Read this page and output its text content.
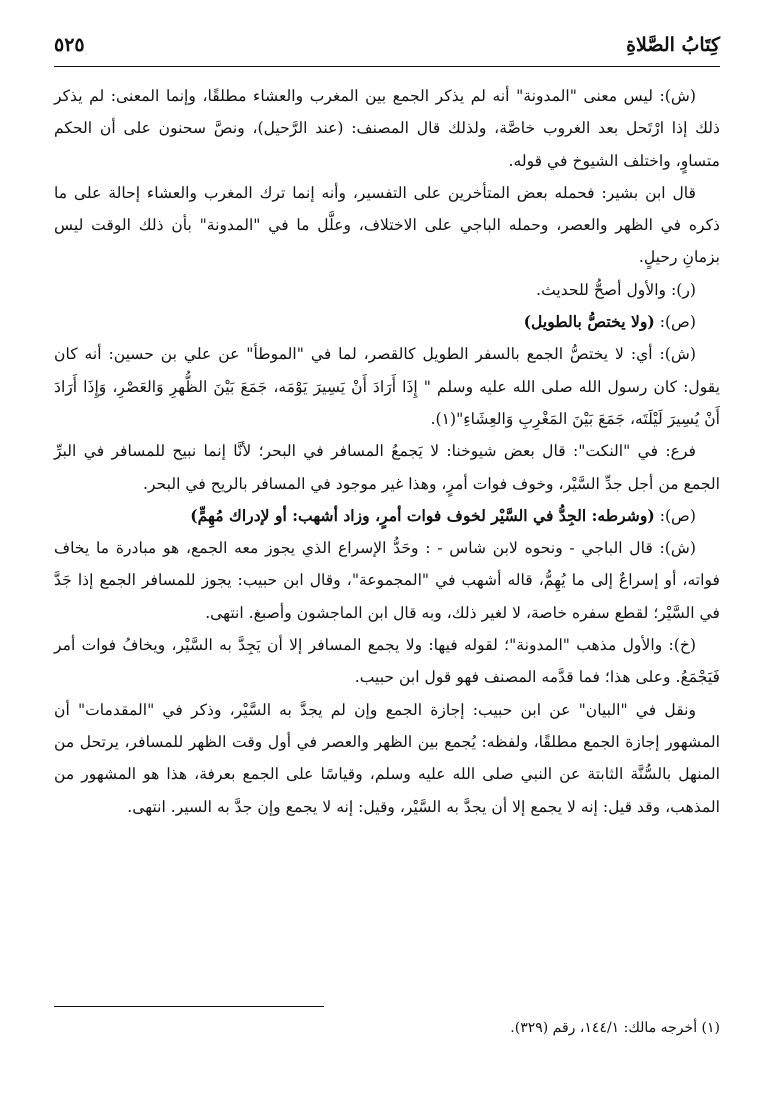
كِتَابُ الصَّلاةِ
٥٢٥

(ش): ليس معنى "المدونة" أنه لم يذكر الجمع بين المغرب والعشاء مطلقًا، وإنما المعنى: لم يذكر ذلك إذا ارْتَحل بعد الغروب خاصَّة، ولذلك قال المصنف: (عند الرَّحيل)، ونصَّ سحنون على أن الحكم متساوٍ، واختلف الشيوخ في قوله.

قال ابن بشير: فحمله بعض المتأخرين على التفسير، وأنه إنما ترك المغرب والعشاء إحالة على ما ذكره في الظهر والعصر، وحمله الباجي على الاختلاف، وعلَّل ما في "المدونة" بأن ذلك الوقت ليس بزمانِ رحيلٍ.

(ر): والأول أصحُّ للحديث.

(ص): (ولا يختصُّ بالطويل)

(ش): أي: لا يختصُّ الجمع بالسفر الطويل كالقصر، لما في "الموطأ" عن علي بن حسين: أنه كان يقول: كان رسول الله صلى الله عليه وسلم " إِذَا أَرَادَ أَنْ يَسِيرَ يَوْمَه، جَمَعَ بَيْنَ الظُّهرِ وَالعَصْرِ، وَإِذَا أَرَادَ أَنْ يُسِيرَ لَيْلَتَه، جَمَعَ بَيْنَ المَغْرِبِ وَالعِشَاءِ"(١).

فرع: في "النكت": قال بعض شيوخنا: لا يَجمعُ المسافر في البحر؛ لأنَّا إنما نبيح للمسافر في البرِّ الجمع من أجل جدِّ السَّيْر، وخوف فوات أمرٍ، وهذا غير موجود في المسافر بالريح في البحر.

(ص): (وشرطه: الجِدُّ في السَّيْر لخوف فوات أمرٍ، وزاد أشهب: أو لإدراك مُهِمٍّ)

(ش): قال الباجي - ونحوه لابن شاس - : وحَدُّ الإسراع الذي يجوز معه الجمع، هو مبادرة ما يخاف فواته، أو إسراعٌ إلى ما يُهِمُّ، قاله أشهب في "المجموعة"، وقال ابن حبيب: يجوز للمسافر الجمع إذا جَدَّ في السَّيْر؛ لقطع سفره خاصة، لا لغير ذلك، وبه قال ابن الماجشون وأصبغ. انتهى.

(خ): والأول مذهب "المدونة"؛ لقوله فيها: ولا يجمع المسافر إلا أن يَجِدَّ به السَّيْر، ويخافُ فوات أمر فَيَجْمَعُ. وعلى هذا؛ فما قدَّمه المصنف فهو قول ابن حبيب.

ونقل في "البيان" عن ابن حبيب: إجازة الجمع وإن لم يجدَّ به السَّيْر، وذكر في "المقدمات" أن المشهور إجازة الجمع مطلقًا، ولفظه: يُجمع بين الظهر والعصر في أول وقت الظهر للمسافر، يرتحل من المنهل بالسُّنَّة الثابتة عن النبي صلى الله عليه وسلم، وقياسًا على الجمع بعرفة، هذا هو المشهور من المذهب، وقد قيل: إنه لا يجمع إلا أن يجدَّ به السَّيْر، وقيل: إنه لا يجمع وإن جدَّ به السير. انتهى.

(١) أخرجه مالك: ١٤٤/١، رقم (٣٢٩).
